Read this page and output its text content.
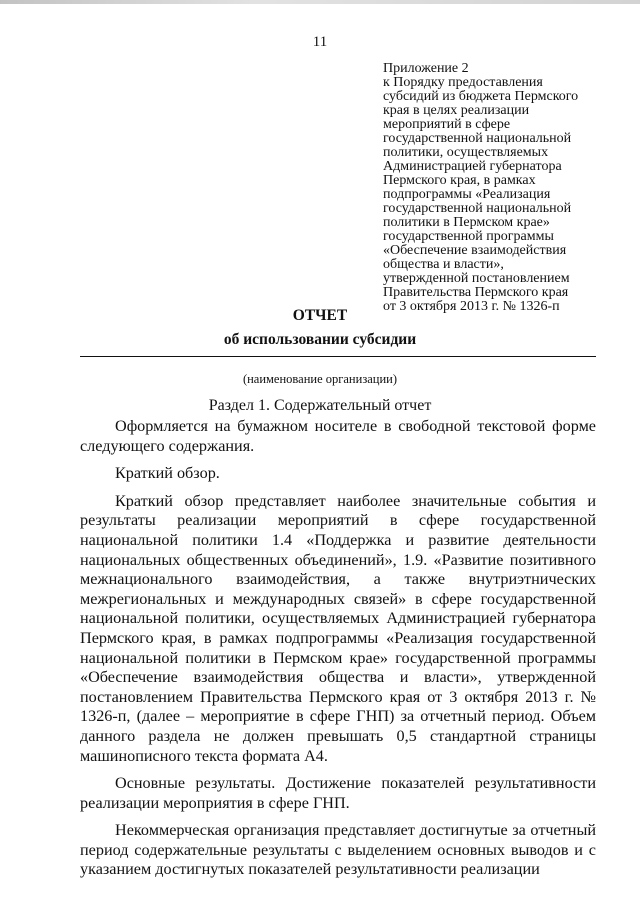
11
Приложение 2
к Порядку предоставления
субсидий из бюджета Пермского
края в целях реализации
мероприятий в сфере
государственной национальной
политики, осуществляемых
Администрацией губернатора
Пермского края, в рамках
подпрограммы «Реализация
государственной национальной
политики в Пермском крае»
государственной программы
«Обеспечение взаимодействия
общества и власти»,
утвержденной постановлением
Правительства Пермского края
от 3 октября 2013 г. № 1326-п
ОТЧЕТ
об использовании субсидии
(наименование организации)
Раздел 1. Содержательный отчет

Оформляется на бумажном носителе в свободной текстовой форме следующего содержания.

Краткий обзор.

Краткий обзор представляет наиболее значительные события и результаты реализации мероприятий в сфере государственной национальной политики 1.4 «Поддержка и развитие деятельности национальных общественных объединений», 1.9. «Развитие позитивного межнационального взаимодействия, а также внутриэтнических межрегиональных и международных связей» в сфере государственной национальной политики, осуществляемых Администрацией губернатора Пермского края, в рамках подпрограммы «Реализация государственной национальной политики в Пермском крае» государственной программы «Обеспечение взаимодействия общества и власти», утвержденной постановлением Правительства Пермского края от 3 октября 2013 г. № 1326-п, (далее – мероприятие в сфере ГНП) за отчетный период. Объем данного раздела не должен превышать 0,5 стандартной страницы машинописного текста формата А4.

Основные результаты. Достижение показателей результативности реализации мероприятия в сфере ГНП.

Некоммерческая организация представляет достигнутые за отчетный период содержательные результаты с выделением основных выводов и с указанием достигнутых показателей результативности реализации
